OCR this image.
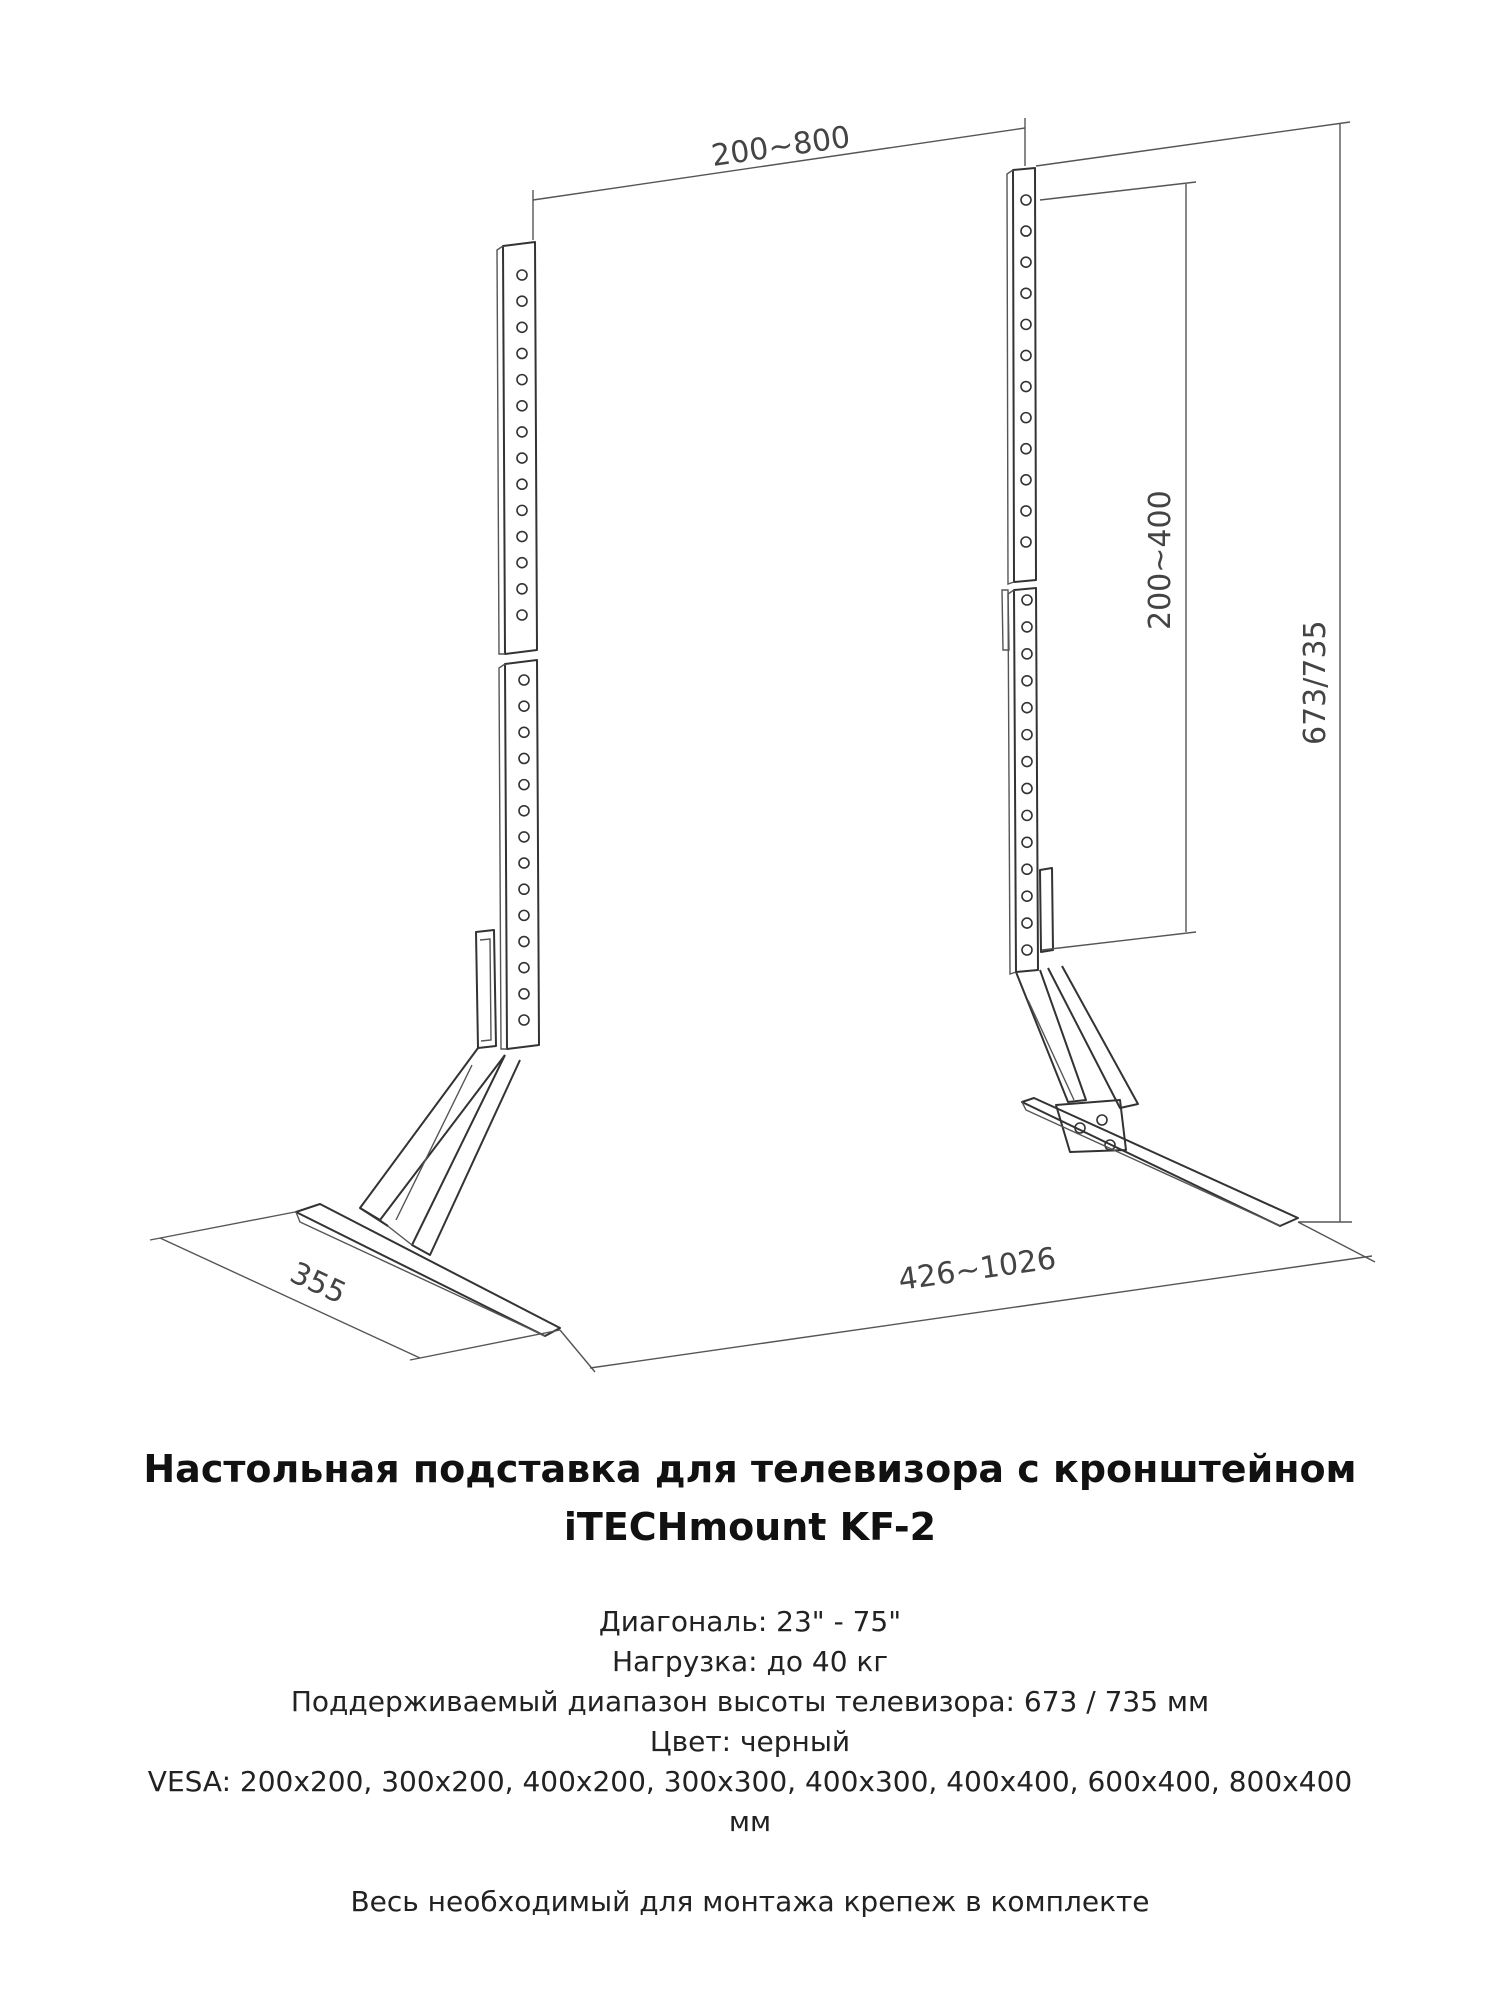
200~800
200~400
673/735
355	426~1026
Настольная подставка для телевизора с кронштейном
iTECHmount KF-2
Диагональ: 23" - 75"
Нагрузка: до 40 кг
Поддерживаемый диапазон высоты телевизора: 673 / 735 мм
Цвет: черный
VESA: 200x200, 300x200, 400x200, 300x300, 400x300, 400x400, 600x400, 800x400
мм
Весь необходимый для монтажа крепеж в комплекте
